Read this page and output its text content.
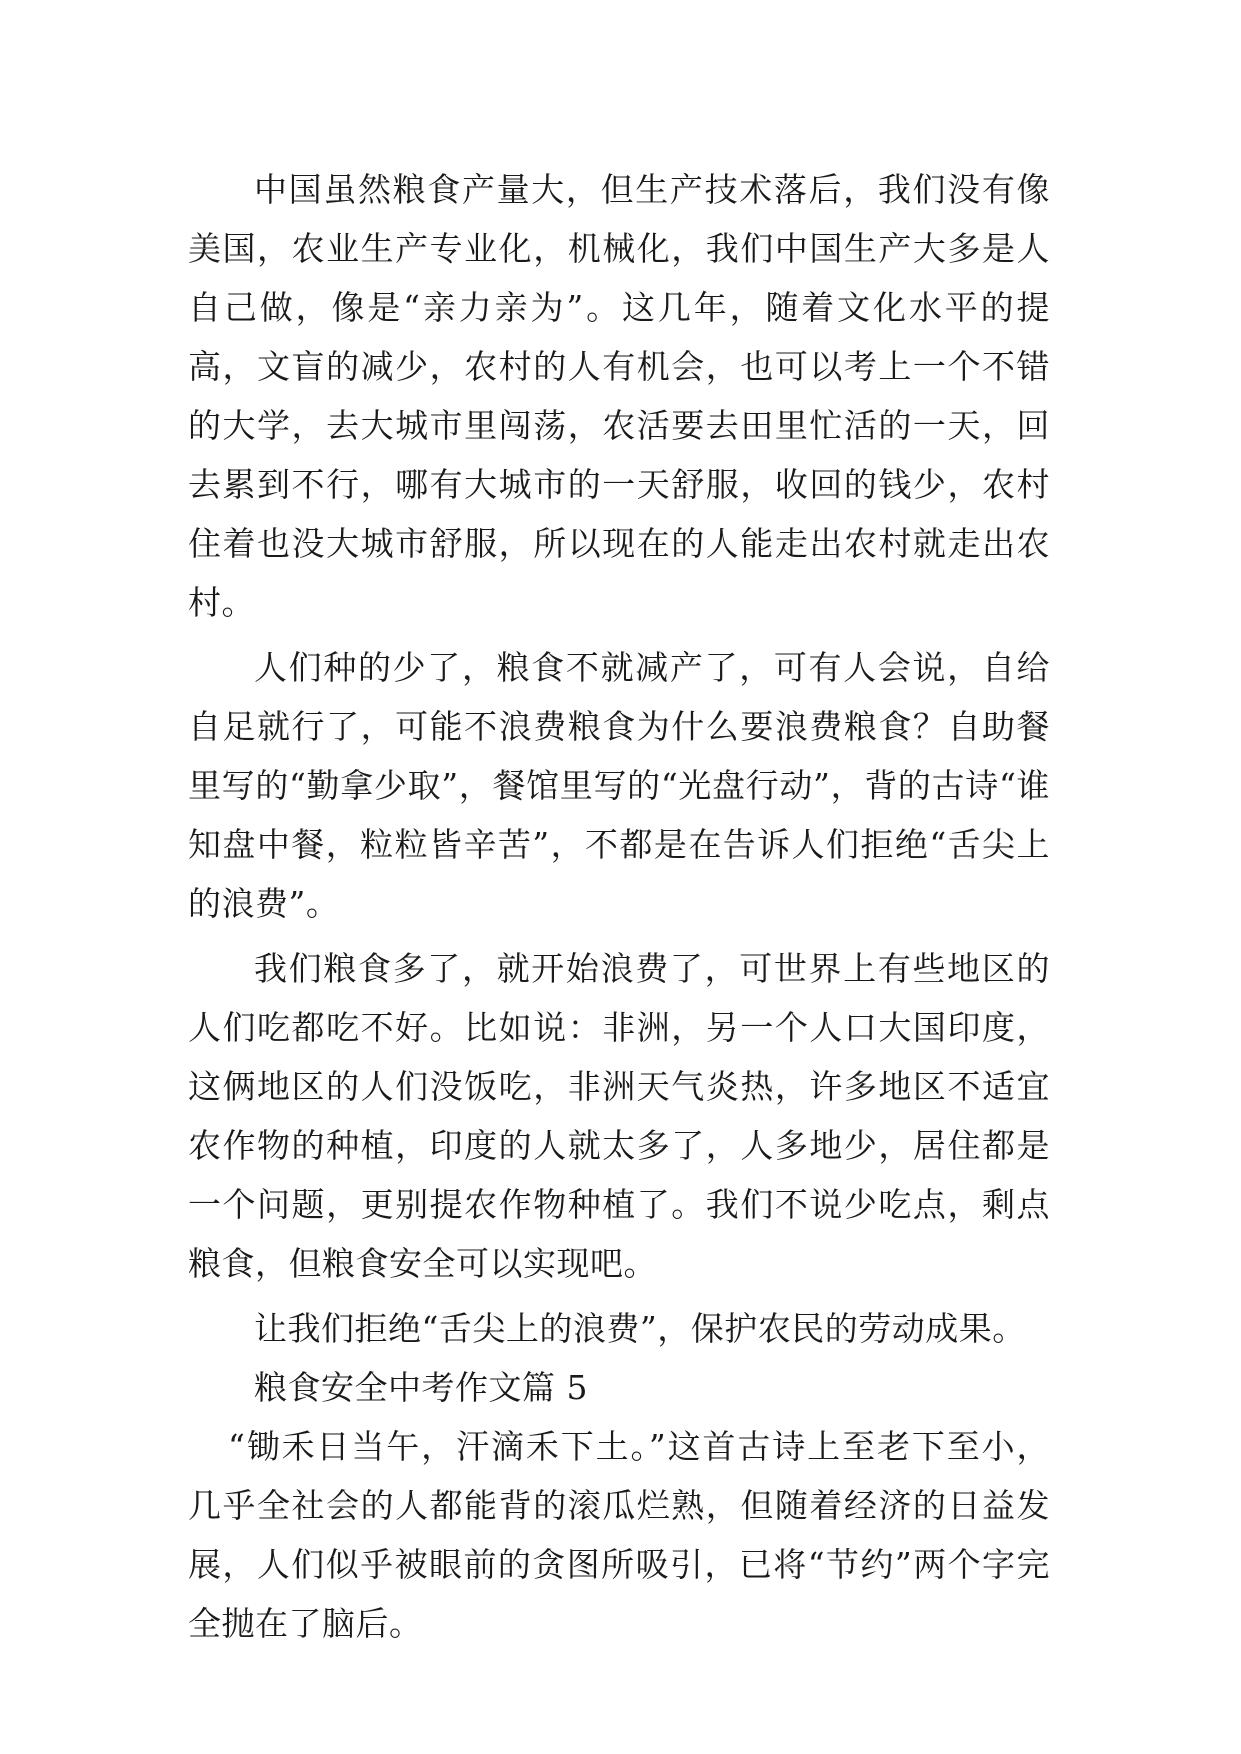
中国虽然粮食产量大，但生产技术落后，我们没有像美国，农业生产专业化，机械化，我们中国生产大多是人自己做，像是“亲力亲为”。这几年，随着文化水平的提高，文盲的减少，农村的人有机会，也可以考上一个不错的大学，去大城市里闯荡，农活要去田里忙活的一天，回去累到不行，哪有大城市的一天舒服，收回的钱少，农村住着也没大城市舒服，所以现在的人能走出农村就走出农村。

人们种的少了，粮食不就减产了，可有人会说，自给自足就行了，可能不浪费粮食为什么要浪费粮食？自助餐里写的“勤拿少取”，餐馆里写的“光盘行动”，背的古诗“谁知盘中餐，粒粒皆辛苦”，不都是在告诉人们拒绝“舌尖上的浪费”。

我们粮食多了，就开始浪费了，可世界上有些地区的人们吃都吃不好。比如说：非洲，另一个人口大国印度，这俩地区的人们没饭吃，非洲天气炎热，许多地区不适宜农作物的种植，印度的人就太多了，人多地少，居住都是一个问题，更别提农作物种植了。我们不说少吃点，剩点粮食，但粮食安全可以实现吧。

让我们拒绝“舌尖上的浪费”，保护农民的劳动成果。

粮食安全中考作文篇 5

“锄禾日当午，汗滴禾下土。”这首古诗上至老下至小，几乎全社会的人都能背的滚瓜烂熟，但随着经济的日益发展，人们似乎被眼前的贪图所吸引，已将“节约”两个字完全抛在了脑后。
